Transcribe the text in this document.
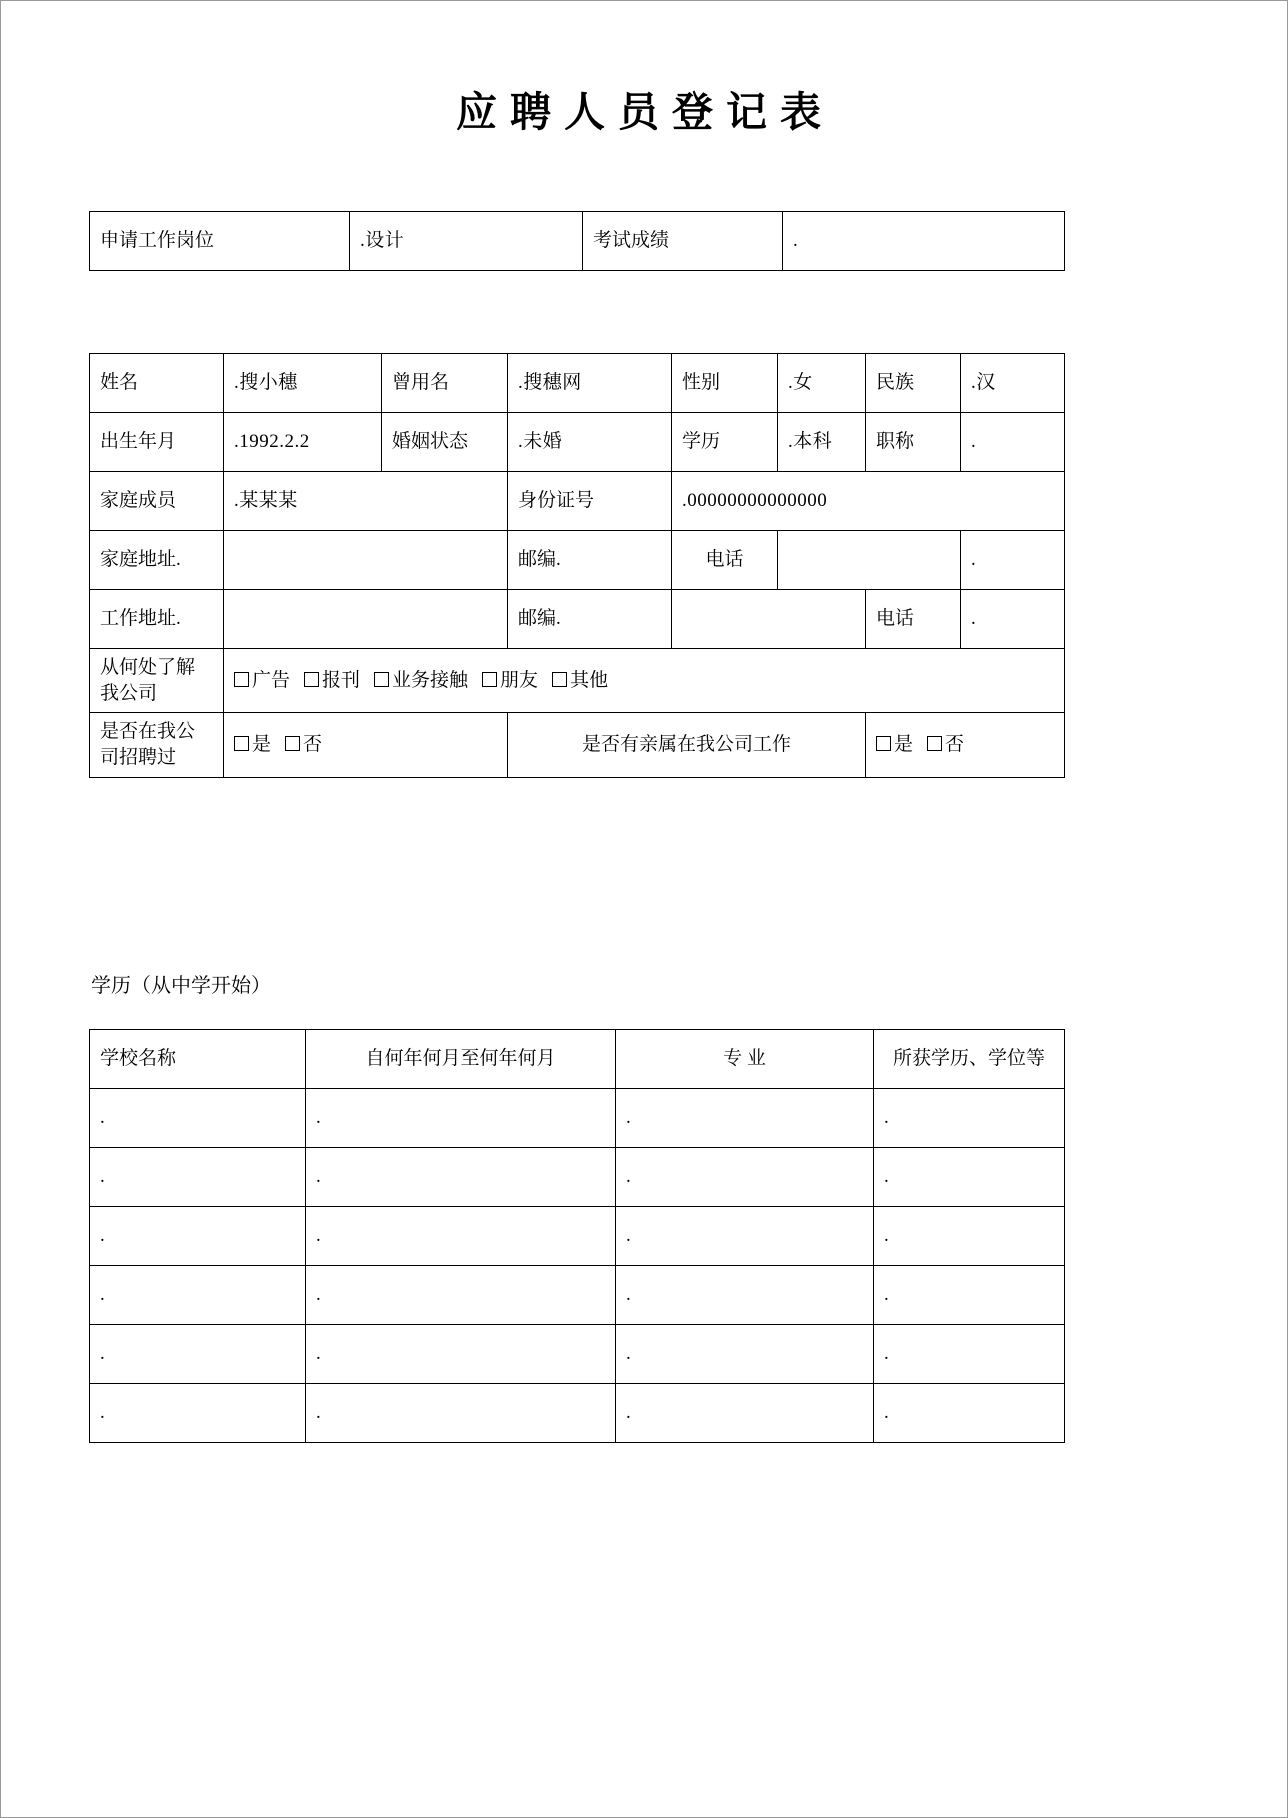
应聘人员登记表
申请工作岗位	.设计	考试成绩	.
姓名	.搜小穗	曾用名	.搜穗网	性别	.女	民族	.汉
出生年月	.1992.2.2	婚姻状态	.未婚	学历	.本科	职称	.
家庭成员	.某某某		身份证号	.00000000000000			
家庭地址.			邮编.	电话			.
工作地址.			邮编.			电话	.
从何处了解我公司	广告 报刊 业务接触 朋友 其他						
是否在我公司招聘过	是 否		是否有亲属在我公司工作			是 否	
学历（从中学开始）
学校名称	自何年何月至何年何月	专 业	所获学历、学位等
.	.	.	.
.	.	.	.
.	.	.	.
.	.	.	.
.	.	.	.
.	.	.	.
